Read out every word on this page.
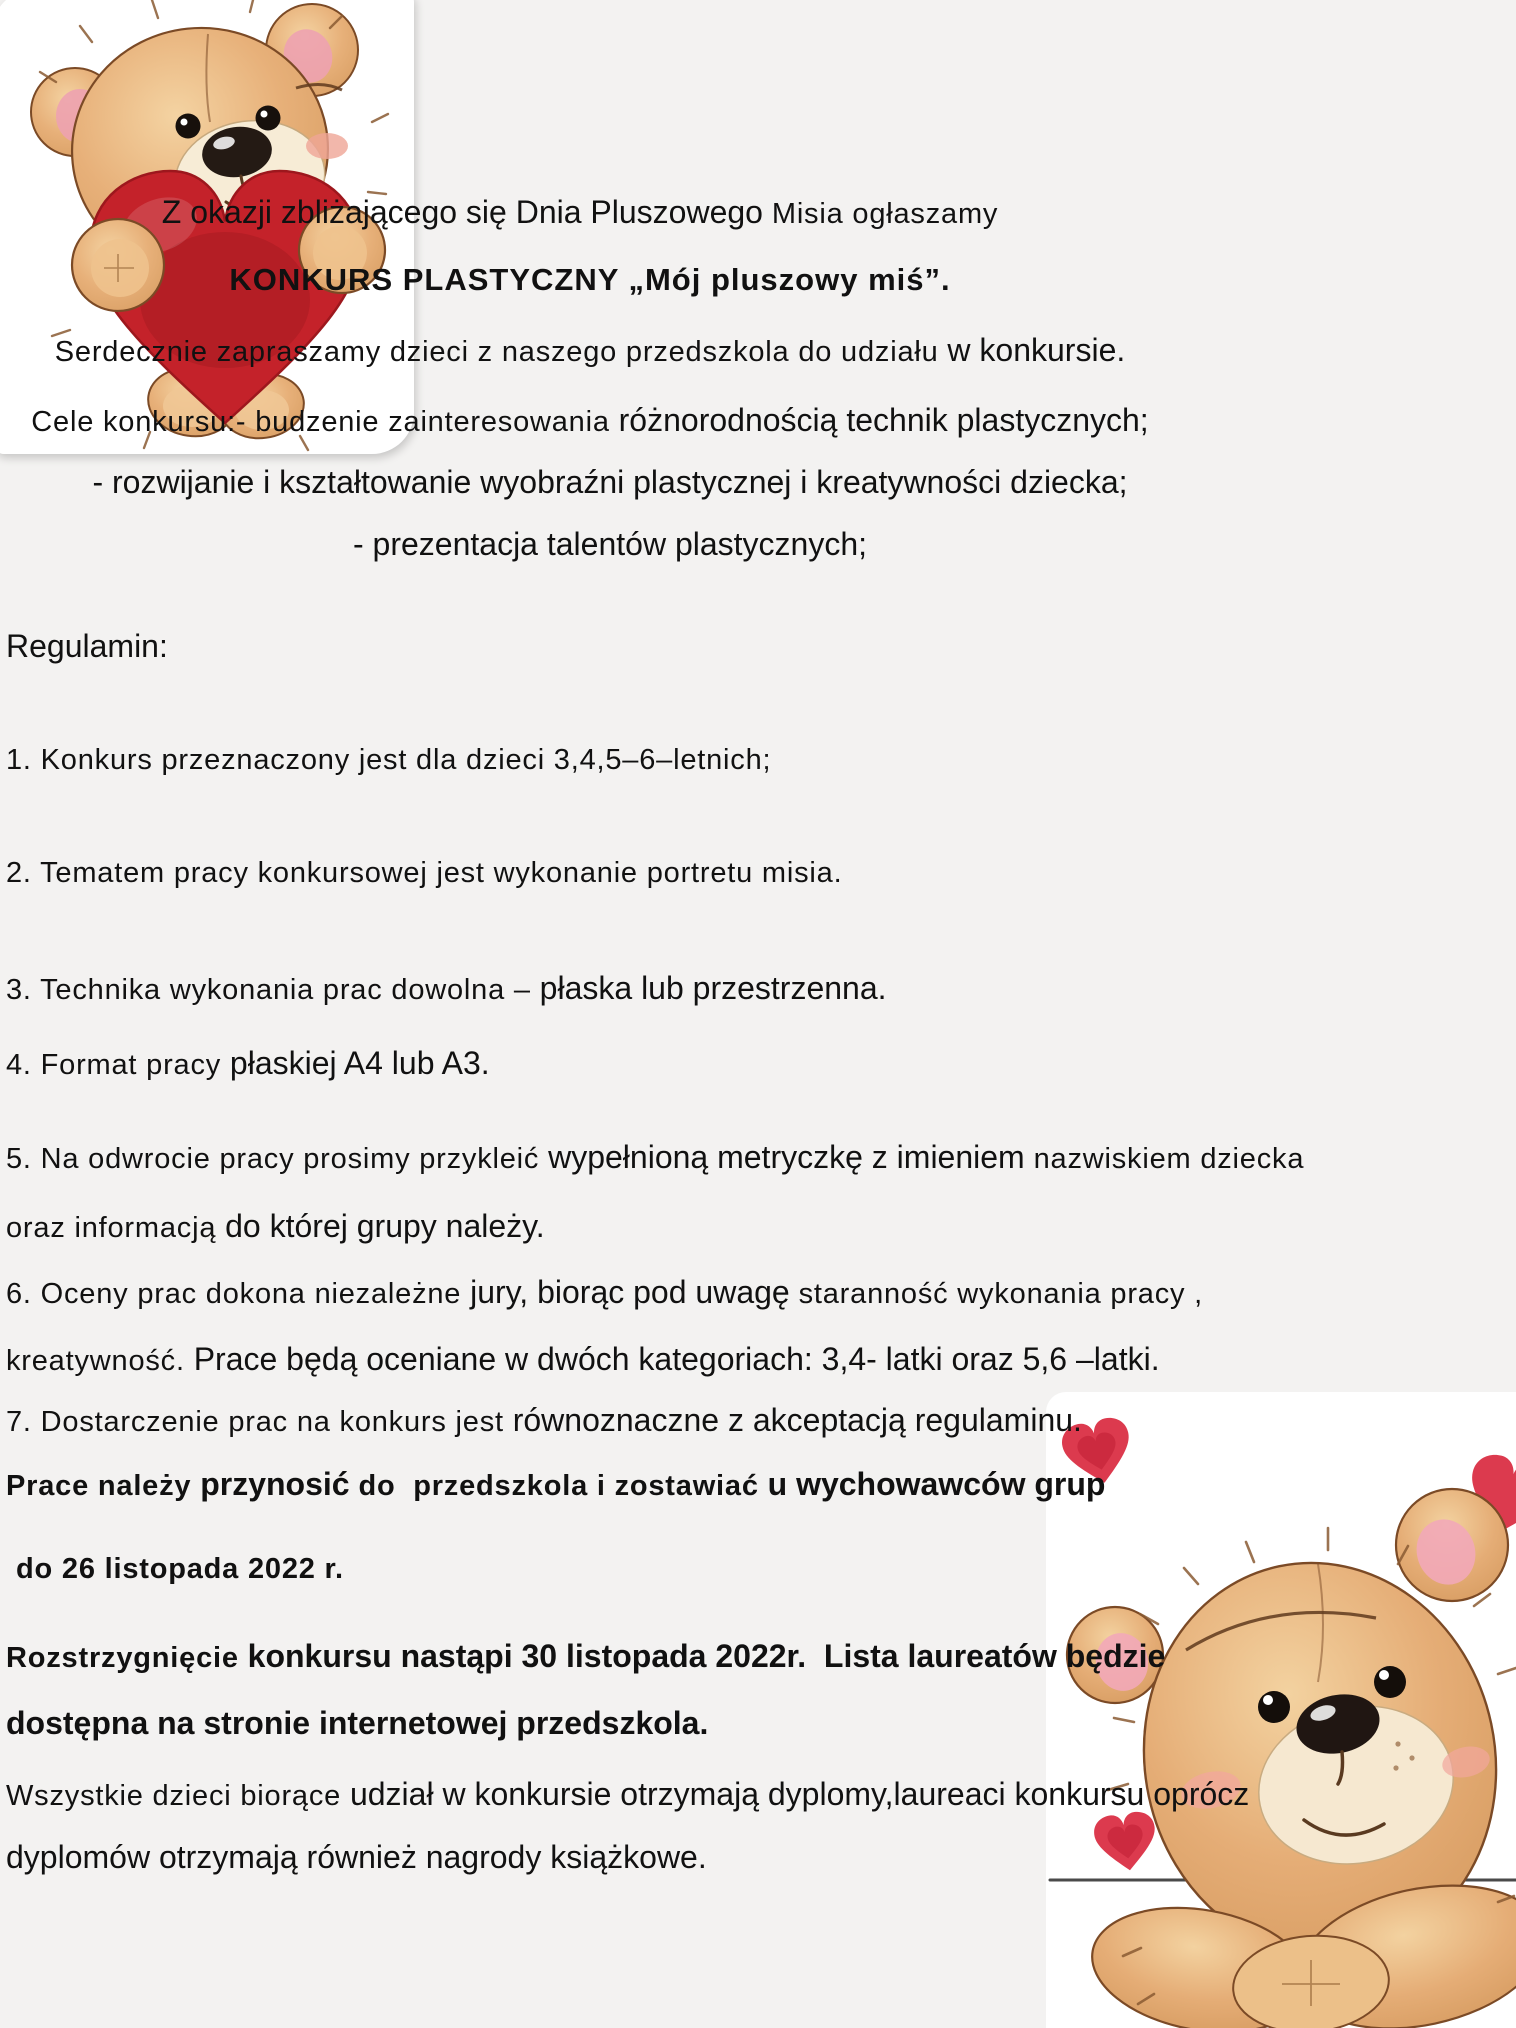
Z okazji zbliżającego się Dnia Pluszowego Misia ogłaszamy
KONKURS PLASTYCZNY „Mój pluszowy miś”.
Serdecznie zapraszamy dzieci z naszego przedszkola do udziału w konkursie.
Cele konkursu:- budzenie zainteresowania różnorodnością technik plastycznych;
- rozwijanie i kształtowanie wyobraźni plastycznej i kreatywności dziecka;
- prezentacja talentów plastycznych;
Regulamin:
1. Konkurs przeznaczony jest dla dzieci 3,4,5–6–letnich;
2. Tematem pracy konkursowej jest wykonanie portretu misia.
3. Technika wykonania prac dowolna – płaska lub przestrzenna.
4. Format pracy płaskiej A4 lub A3.
5. Na odwrocie pracy prosimy przykleić wypełnioną metryczkę z imieniem nazwiskiem dziecka
oraz informacją do której grupy należy.
6. Oceny prac dokona niezależne jury, biorąc pod uwagę staranność wykonania pracy ,
kreatywność. Prace będą oceniane w dwóch kategoriach: 3,4- latki oraz 5,6 –latki.
7. Dostarczenie prac na konkurs jest równoznaczne z akceptacją regulaminu.
Prace należy przynosić do  przedszkola i zostawiać u wychowawców grup
do 26 listopada 2022 r.
Rozstrzygnięcie konkursu nastąpi 30 listopada 2022r.  Lista laureatów będzie
dostępna na stronie internetowej przedszkola.
Wszystkie dzieci biorące udział w konkursie otrzymają dyplomy,laureaci konkursu oprócz
dyplomów otrzymają również nagrody książkowe.
